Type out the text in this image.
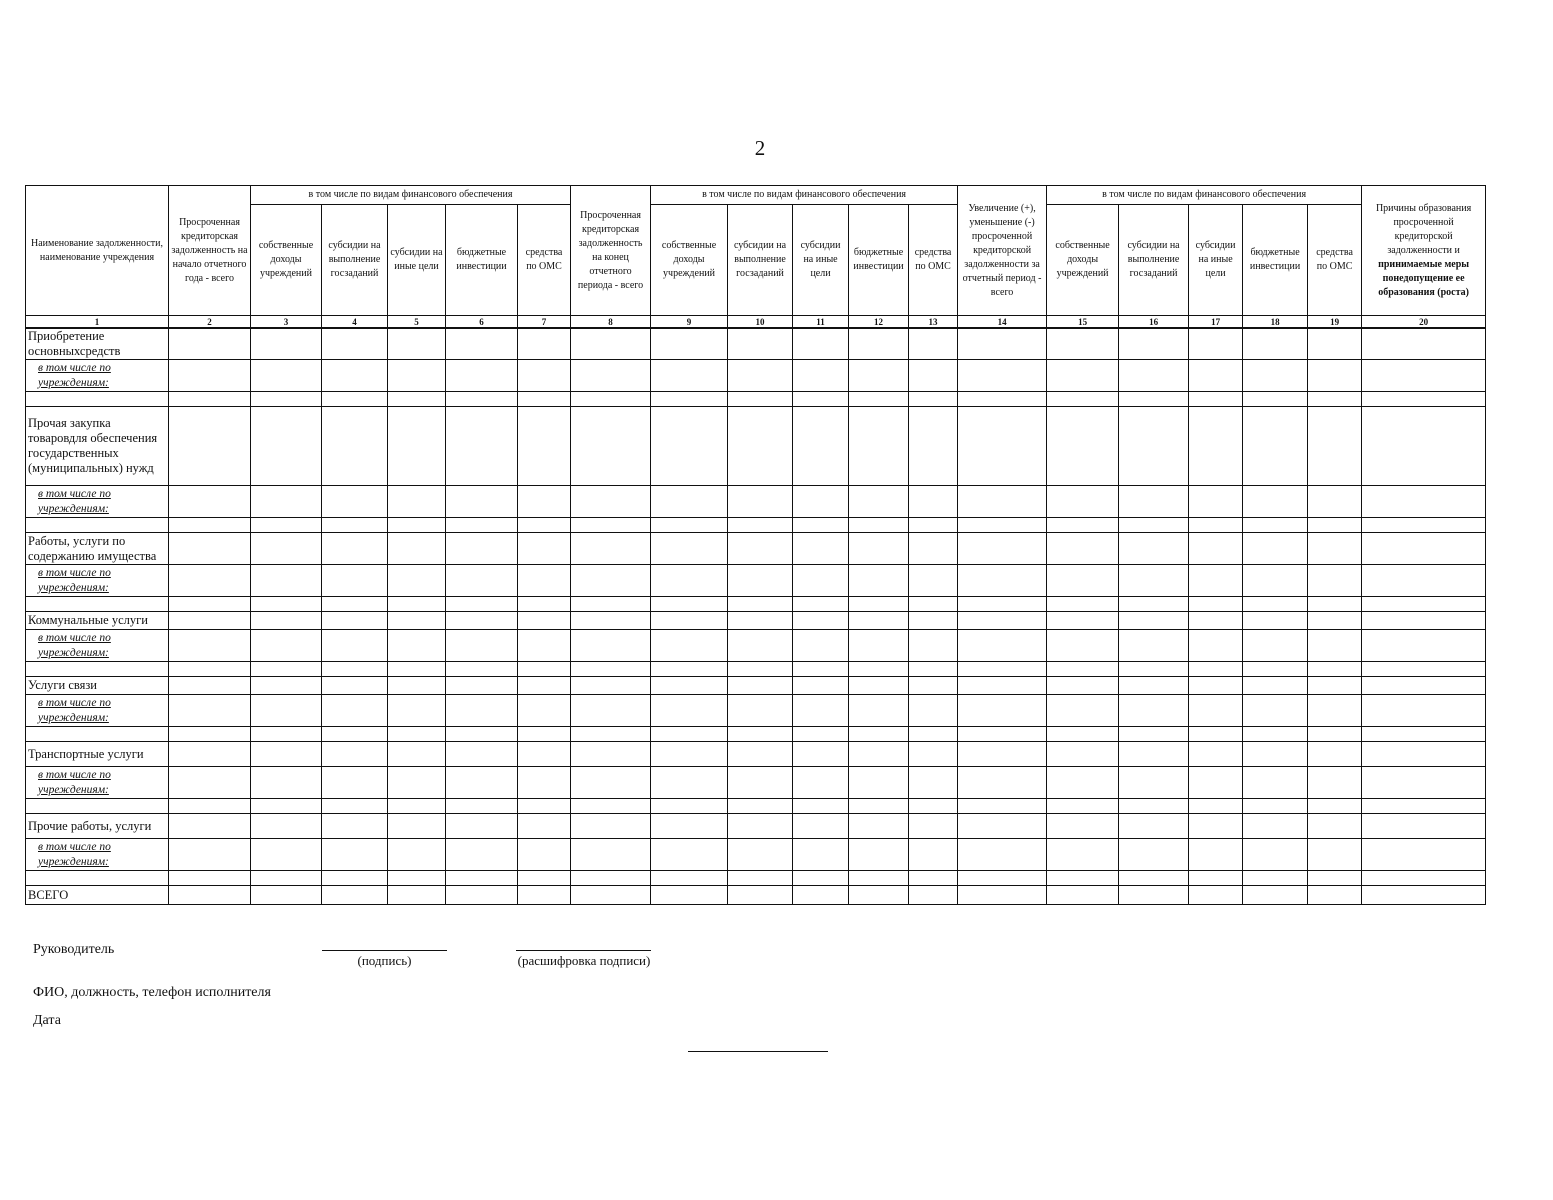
2
Наименование задолженности, наименование учреждения	Просроченная кредиторская задолженность на начало отчетного года - всего	в том числе по видам финансового обеспечения					Просроченная кредиторская задолженность на конец отчетного периода - всего	в том числе по видам финансового обеспечения					Увеличение (+), уменьшение (-) просроченной кредиторской задолженности за отчетный период - всего	в том числе по видам финансового обеспечения					Причины образования просроченной кредиторской задолженности и принимаемые меры понедопущение ее образования (роста)
		собственные доходы учреждений	субсидии на выполнение госзаданий	субсидии на иные цели	бюджетные инвестиции	средства по ОМС		собственные доходы учреждений	субсидии на выполнение госзаданий	субсидии на иные цели	бюджетные инвестиции	средства по ОМС		собственные доходы учреждений	субсидии на выполнение госзаданий	субсидии на иные цели	бюджетные инвестиции	средства по ОМС	
1	2	3	4	5	6	7	8	9	10	11	12	13	14	15	16	17	18	19	20
Приобретение основныхсредств																			
в том числе по учреждениям:																			

Прочая закупка товаровдля обеспечения государственных (муниципальных) нужд																			
в том числе по учреждениям:																			

Работы, услуги по содержанию имущества																			
в том числе по учреждениям:																			

Коммунальные услуги																			
в том числе по учреждениям:																			

Услуги связи																			
в том числе по учреждениям:																			

Транспортные услуги																			
в том числе по учреждениям:																			

Прочие работы, услуги																			
в том числе по учреждениям:																			

ВСЕГО																			
Руководитель
(подпись)	(расшифровка подписи)
ФИО, должность, телефон исполнителя
Дата
